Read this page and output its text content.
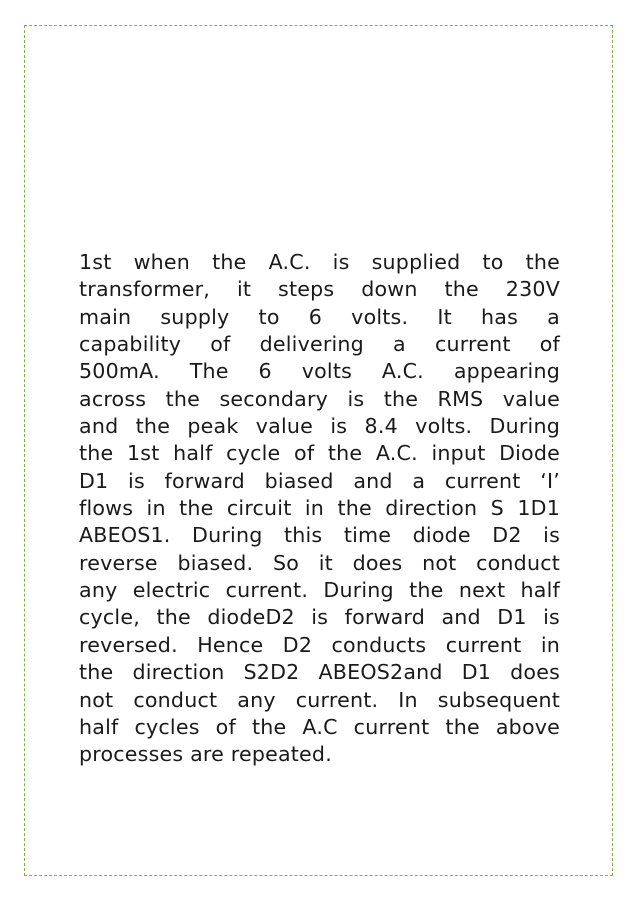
1st when the A.C. is supplied to the
transformer, it steps down the 230V
main supply to 6 volts. It has a
capability of delivering a current of
500mA. The 6 volts A.C. appearing
across the secondary is the RMS value
and the peak value is 8.4 volts. During
the 1st half cycle of the A.C. input Diode
D1 is forward biased and a current ‘I’
flows in the circuit in the direction S 1D1
ABEOS1. During this time diode D2 is
reverse biased. So it does not conduct
any electric current. During the next half
cycle, the diodeD2 is forward and D1 is
reversed. Hence D2 conducts current in
the direction S2D2 ABEOS2and D1 does
not conduct any current. In subsequent
half cycles of the A.C current the above
processes are repeated.
